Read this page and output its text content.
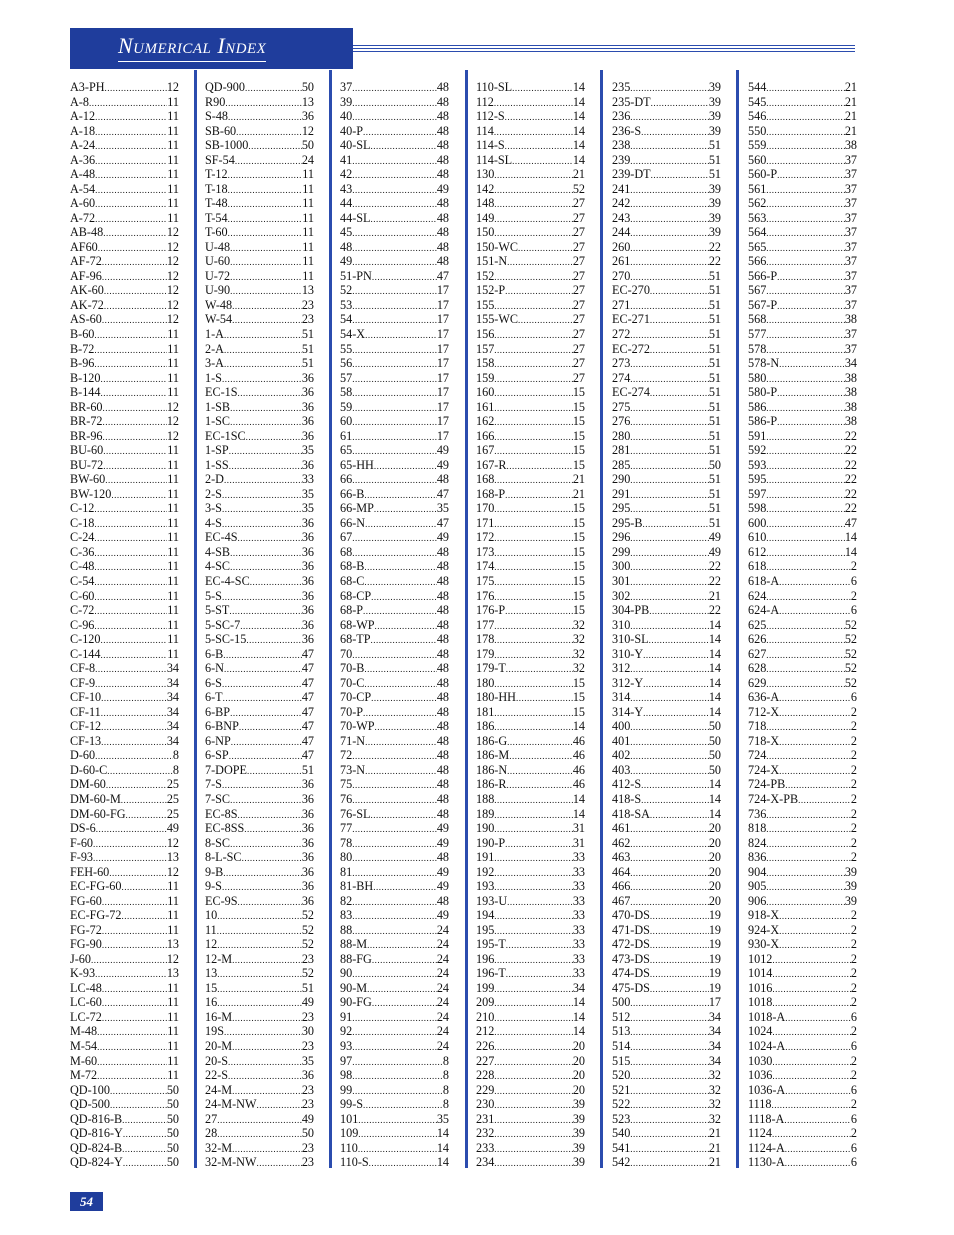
Numerical Index
A3-PH .....	12
A-8 .....	11
A-12 .....	11
A-18 .....	11
A-24 .....	11
A-36 .....	11
A-48 .....	11
A-54 .....	11
A-60 .....	11
A-72 .....	11
AB-48 .....	12
AF60 .....	12
AF-72 .....	12
AF-96 .....	12
AK-60 .....	12
AK-72 .....	12
AS-60 .....	12
B-60 .....	11
B-72 .....	11
B-96 .....	11
B-120 .....	11
B-144 .....	11
BR-60 .....	12
BR-72 .....	12
BR-96 .....	12
BU-60 .....	11
BU-72 .....	11
BW-60 .....	11
BW-120 .....	11
C-12 .....	11
C-18 .....	11
C-24 .....	11
C-36 .....	11
C-48 .....	11
C-54 .....	11
C-60 .....	11
C-72 .....	11
C-96 .....	11
C-120 .....	11
C-144 .....	11
CF-8 .....	34
CF-9 .....	34
CF-10 .....	34
CF-11 .....	34
CF-12 .....	34
CF-13 .....	34
D-60 .....	8
D-60-C .....	8
DM-60 .....	25
DM-60-M .....	25
DM-60-FG .....	25
DS-6 .....	49
F-60 .....	12
F-93 .....	13
FEH-60 .....	12
EC-FG-60 .....	11
FG-60 .....	11
EC-FG-72 .....	11
FG-72 .....	11
FG-90 .....	13
J-60 .....	12
K-93 .....	13
LC-48 .....	11
LC-60 .....	11
LC-72 .....	11
M-48 .....	11
M-54 .....	11
M-60 .....	11
M-72 .....	11
QD-100 .....	50
QD-500 .....	50
QD-816-B .....	50
QD-816-Y .....	50
QD-824-B .....	50
QD-824-Y .....	50
QD-900 .....	50
R90 .....	13
S-48 .....	36
SB-60 .....	12
SB-1000 .....	50
SF-54 .....	24
T-12 .....	11
T-18 .....	11
T-48 .....	11
T-54 .....	11
T-60 .....	11
U-48 .....	11
U-60 .....	11
U-72 .....	11
U-90 .....	13
W-48 .....	23
W-54 .....	23
1-A .....	51
2-A .....	51
3-A .....	51
1-S .....	36
EC-1S .....	36
1-SB .....	36
1-SC .....	36
EC-1SC .....	36
1-SP .....	35
1-SS .....	36
2-D .....	33
2-S .....	35
3-S .....	35
4-S .....	36
EC-4S .....	36
4-SB .....	36
4-SC .....	36
EC-4-SC .....	36
5-S .....	36
5-ST .....	36
5-SC-7 .....	36
5-SC-15 .....	36
6-B .....	47
6-N .....	47
6-S .....	47
6-T .....	47
6-BP .....	47
6-BNP .....	47
6-NP .....	47
6-SP .....	47
7-DOPE .....	51
7-S .....	36
7-SC .....	36
EC-8S .....	36
EC-8SS .....	36
8-SC .....	36
8-L-SC .....	36
9-B .....	36
9-S .....	36
EC-9S .....	36
10 .....	52
11 .....	52
12 .....	52
12-M .....	23
13 .....	52
15 .....	51
16 .....	49
16-M .....	23
19S .....	30
20-M .....	23
20-S .....	35
22-S .....	36
24-M .....	23
24-M-NW .....	23
27 .....	49
28 .....	50
32-M .....	23
32-M-NW .....	23
37 .....	48
39 .....	48
40 .....	48
40-P .....	48
40-SL .....	48
41 .....	48
42 .....	48
43 .....	49
44 .....	48
44-SL .....	48
45 .....	48
48 .....	48
49 .....	48
51-PN .....	47
52 .....	17
53 .....	17
54 .....	17
54-X .....	17
55 .....	17
56 .....	17
57 .....	17
58 .....	17
59 .....	17
60 .....	17
61 .....	17
65 .....	49
65-HH .....	49
66 .....	48
66-B .....	47
66-MP .....	35
66-N .....	47
67 .....	49
68 .....	48
68-B .....	48
68-C .....	48
68-CP .....	48
68-P .....	48
68-WP .....	48
68-TP .....	48
70 .....	48
70-B .....	48
70-C .....	48
70-CP .....	48
70-P .....	48
70-WP .....	48
71-N .....	48
72 .....	48
73-N .....	48
75 .....	48
76 .....	48
76-SL .....	48
77 .....	49
78 .....	49
80 .....	48
81 .....	49
81-BH .....	49
82 .....	48
83 .....	49
88 .....	24
88-M .....	24
88-FG .....	24
90 .....	24
90-M .....	24
90-FG .....	24
91 .....	24
92 .....	24
93 .....	24
97 .....	8
98 .....	8
99 .....	8
99-S .....	8
101 .....	35
109 .....	14
110 .....	14
110-S .....	14
110-SL .....	14
112 .....	14
112-S .....	14
114 .....	14
114-S .....	14
114-SL .....	14
130 .....	21
142 .....	52
148 .....	27
149 .....	27
150 .....	27
150-WC .....	27
151-N .....	27
152 .....	27
152-P .....	27
155 .....	27
155-WC .....	27
156 .....	27
157 .....	27
158 .....	27
159 .....	27
160 .....	15
161 .....	15
162 .....	15
166 .....	15
167 .....	15
167-R .....	15
168 .....	21
168-P .....	21
170 .....	15
171 .....	15
172 .....	15
173 .....	15
174 .....	15
175 .....	15
176 .....	15
176-P .....	15
177 .....	32
178 .....	32
179 .....	32
179-T .....	32
180 .....	15
180-HH .....	15
181 .....	15
186 .....	14
186-G .....	46
186-M .....	46
186-N .....	46
186-R .....	46
188 .....	14
189 .....	14
190 .....	31
190-P .....	31
191 .....	33
192 .....	33
193 .....	33
193-U .....	33
194 .....	33
195 .....	33
195-T .....	33
196 .....	33
196-T .....	33
199 .....	34
209 .....	14
210 .....	14
212 .....	14
226 .....	20
227 .....	20
228 .....	20
229 .....	20
230 .....	39
231 .....	39
232 .....	39
233 .....	39
234 .....	39
235 .....	39
235-DT .....	39
236 .....	39
236-S .....	39
238 .....	51
239 .....	51
239-DT .....	51
241 .....	39
242 .....	39
243 .....	39
244 .....	39
260 .....	22
261 .....	22
270 .....	51
EC-270 .....	51
271 .....	51
EC-271 .....	51
272 .....	51
EC-272 .....	51
273 .....	51
274 .....	51
EC-274 .....	51
275 .....	51
276 .....	51
280 .....	51
281 .....	51
285 .....	50
290 .....	51
291 .....	51
295 .....	51
295-B .....	51
296 .....	49
299 .....	49
300 .....	22
301 .....	22
302 .....	21
304-PB .....	22
310 .....	14
310-SL .....	14
310-Y .....	14
312 .....	14
312-Y .....	14
314 .....	14
314-Y .....	14
400 .....	50
401 .....	50
402 .....	50
403 .....	50
412-S .....	14
418-S .....	14
418-SA .....	14
461 .....	20
462 .....	20
463 .....	20
464 .....	20
466 .....	20
467 .....	20
470-DS .....	19
471-DS .....	19
472-DS .....	19
473-DS .....	19
474-DS .....	19
475-DS .....	19
500 .....	17
512 .....	34
513 .....	34
514 .....	34
515 .....	34
520 .....	32
521 .....	32
522 .....	32
523 .....	32
540 .....	21
541 .....	21
542 .....	21
544 .....	21
545 .....	21
546 .....	21
550 .....	21
559 .....	38
560 .....	37
560-P .....	37
561 .....	37
562 .....	37
563 .....	37
564 .....	37
565 .....	37
566 .....	37
566-P .....	37
567 .....	37
567-P .....	37
568 .....	38
577 .....	37
578 .....	37
578-N .....	34
580 .....	38
580-P .....	38
586 .....	38
586-P .....	38
591 .....	22
592 .....	22
593 .....	22
595 .....	22
597 .....	22
598 .....	22
600 .....	47
610 .....	14
612 .....	14
618 .....	2
618-A .....	6
624 .....	2
624-A .....	6
625 .....	52
626 .....	52
627 .....	52
628 .....	52
629 .....	52
636-A .....	6
712-X .....	2
718 .....	2
718-X .....	2
724 .....	2
724-X .....	2
724-PB .....	2
724-X-PB .....	2
736 .....	2
818 .....	2
824 .....	2
836 .....	2
904 .....	39
905 .....	39
906 .....	39
918-X .....	2
924-X .....	2
930-X .....	2
1012 .....	2
1014 .....	2
1016 .....	2
1018 .....	2
1018-A .....	6
1024 .....	2
1024-A .....	6
1030 .....	2
1036 .....	2
1036-A .....	6
1118 .....	2
1118-A .....	6
1124 .....	2
1124-A .....	6
1130-A .....	6
54
